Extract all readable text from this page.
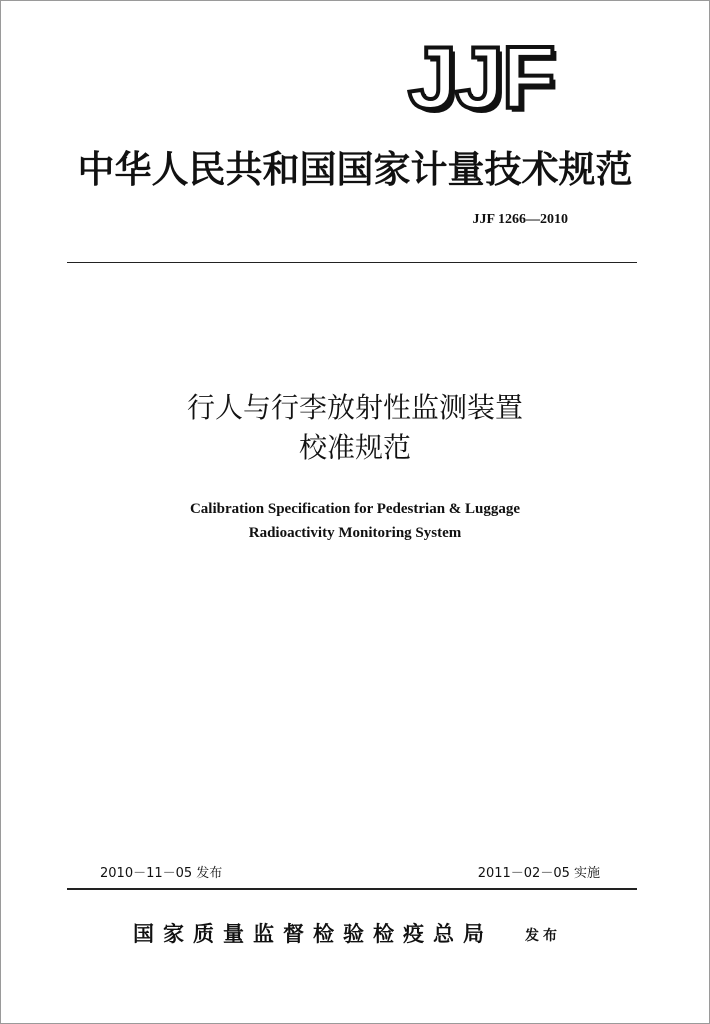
JJF
中华人民共和国国家计量技术规范
JJF 1266—2010
行人与行李放射性监测装置
校准规范
Calibration Specification for Pedestrian & Luggage
Radioactivity Monitoring System
2010－11－05 发布	2011－02－05 实施
国家质量监督检验检疫总局 发布
